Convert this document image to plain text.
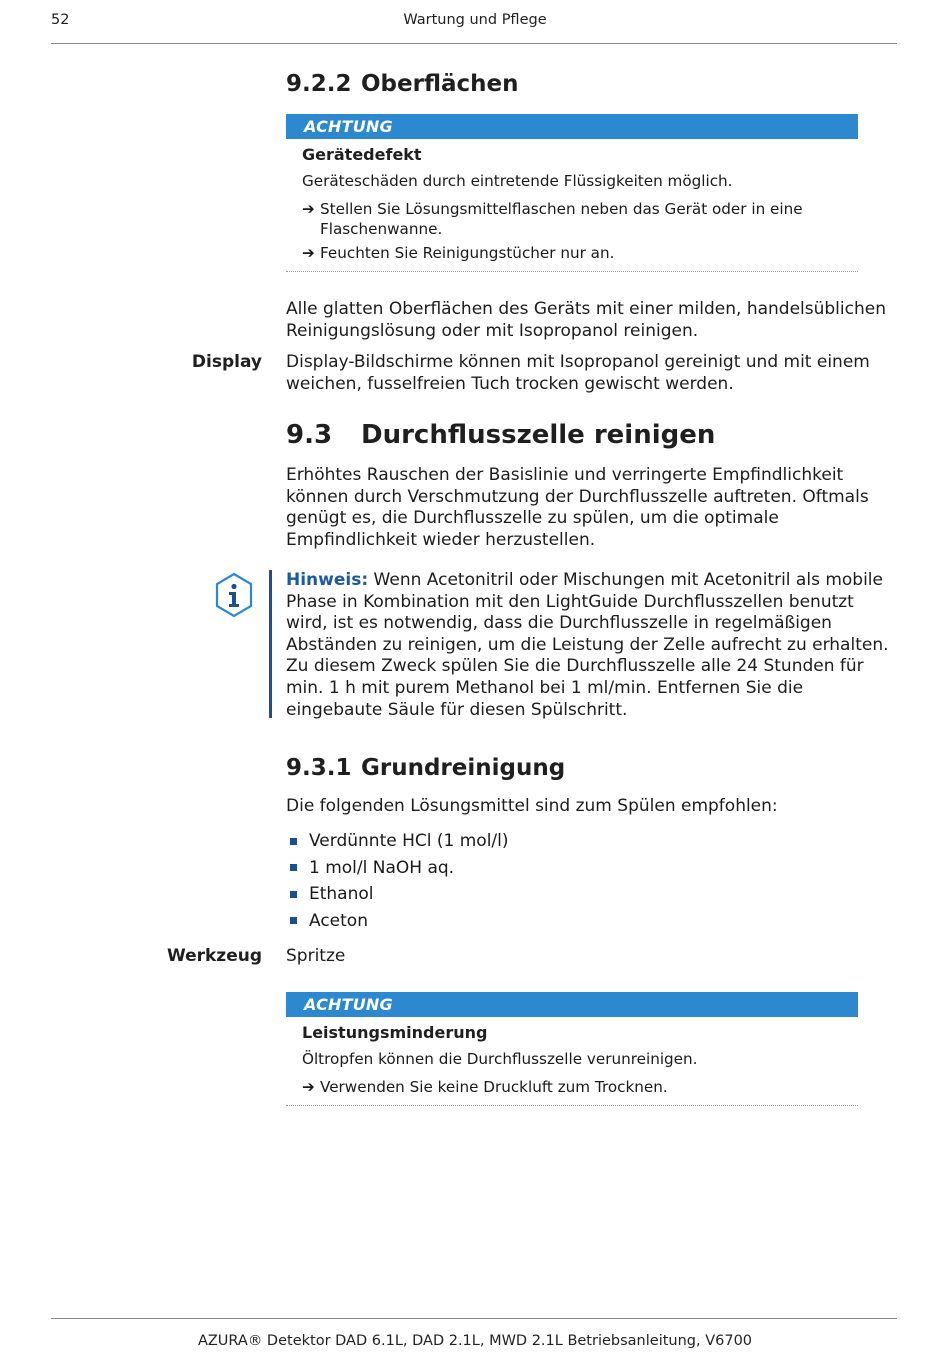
52	Wartung und Pflege
9.2.2 Oberflächen
ACHTUNG
Gerätedefekt
Geräteschäden durch eintretende Flüssigkeiten möglich.
➔ Stellen Sie Lösungsmittelflaschen neben das Gerät oder in eine Flaschenwanne.
➔ Feuchten Sie Reinigungstücher nur an.
Alle glatten Oberflächen des Geräts mit einer milden, handelsüblichen Reinigungslösung oder mit Isopropanol reinigen.
Display Display-Bildschirme können mit Isopropanol gereinigt und mit einem weichen, fusselfreien Tuch trocken gewischt werden.
9.3 Durchflusszelle reinigen
Erhöhtes Rauschen der Basislinie und verringerte Empfindlichkeit können durch Verschmutzung der Durchflusszelle auftreten. Oftmals genügt es, die Durchflusszelle zu spülen, um die optimale Empfindlichkeit wieder herzustellen.
Hinweis: Wenn Acetonitril oder Mischungen mit Acetonitril als mobile Phase in Kombination mit den LightGuide Durchflusszellen benutzt wird, ist es notwendig, dass die Durchflusszelle in regelmäßigen Abständen zu reinigen, um die Leistung der Zelle aufrecht zu erhalten. Zu diesem Zweck spülen Sie die Durchflusszelle alle 24 Stunden für min. 1 h mit purem Methanol bei 1 ml/min. Entfernen Sie die eingebaute Säule für diesen Spülschritt.
9.3.1 Grundreinigung
Die folgenden Lösungsmittel sind zum Spülen empfohlen:
Verdünnte HCl (1 mol/l)
1 mol/l NaOH aq.
Ethanol
Aceton
Werkzeug Spritze
ACHTUNG
Leistungsminderung
Öltropfen können die Durchflusszelle verunreinigen.
➔ Verwenden Sie keine Druckluft zum Trocknen.
AZURA® Detektor DAD 6.1L, DAD 2.1L, MWD 2.1L Betriebsanleitung, V6700
